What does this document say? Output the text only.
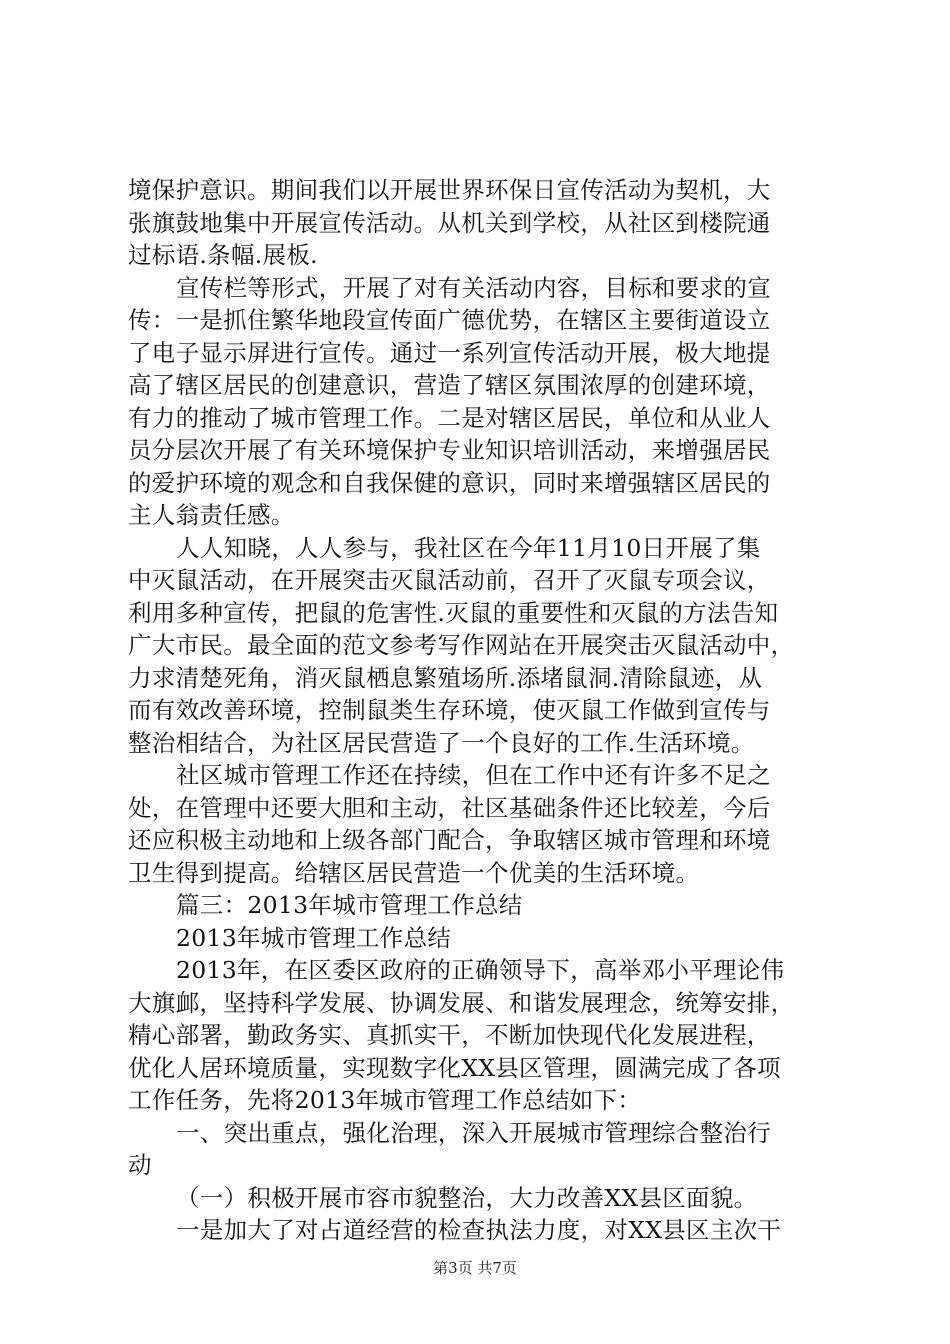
境保护意识。期间我们以开展世界环保日宣传活动为契机，大
张旗鼓地集中开展宣传活动。从机关到学校，从社区到楼院通
过标语.条幅.展板.
宣传栏等形式，开展了对有关活动内容，目标和要求的宣
传：一是抓住繁华地段宣传面广德优势，在辖区主要街道设立
了电子显示屏进行宣传。通过一系列宣传活动开展，极大地提
高了辖区居民的创建意识，营造了辖区氛围浓厚的创建环境，
有力的推动了城市管理工作。二是对辖区居民，单位和从业人
员分层次开展了有关环境保护专业知识培训活动，来增强居民
的爱护环境的观念和自我保健的意识，同时来增强辖区居民的
主人翁责任感。
人人知晓，人人参与，我社区在今年11月10日开展了集
中灭鼠活动，在开展突击灭鼠活动前，召开了灭鼠专项会议，
利用多种宣传，把鼠的危害性.灭鼠的重要性和灭鼠的方法告知
广大市民。最全面的范文参考写作网站在开展突击灭鼠活动中，
力求清楚死角，消灭鼠栖息繁殖场所.添堵鼠洞.清除鼠迹，从
而有效改善环境，控制鼠类生存环境，使灭鼠工作做到宣传与
整治相结合，为社区居民营造了一个良好的工作.生活环境。
社区城市管理工作还在持续，但在工作中还有许多不足之
处，在管理中还要大胆和主动，社区基础条件还比较差，今后
还应积极主动地和上级各部门配合，争取辖区城市管理和环境
卫生得到提高。给辖区居民营造一个优美的生活环境。
篇三：2013年城市管理工作总结
2013年城市管理工作总结
2013年，在区委区政府的正确领导下，高举邓小平理论伟
大旗䘏，坚持科学发展、协调发展、和谐发展理念，统筹安排，
精心部署，勤政务实、真抓实干，不断加快现代化发展进程，
优化人居环境质量，实现数字化XX县区管理，圆满完成了各项
工作任务，先将2013年城市管理工作总结如下：
一、突出重点，强化治理，深入开展城市管理综合整治行
动
（一）积极开展市容市貌整治，大力改善XX县区面貌。
一是加大了对占道经营的检查执法力度，对XX县区主次干
第3页 共7页
